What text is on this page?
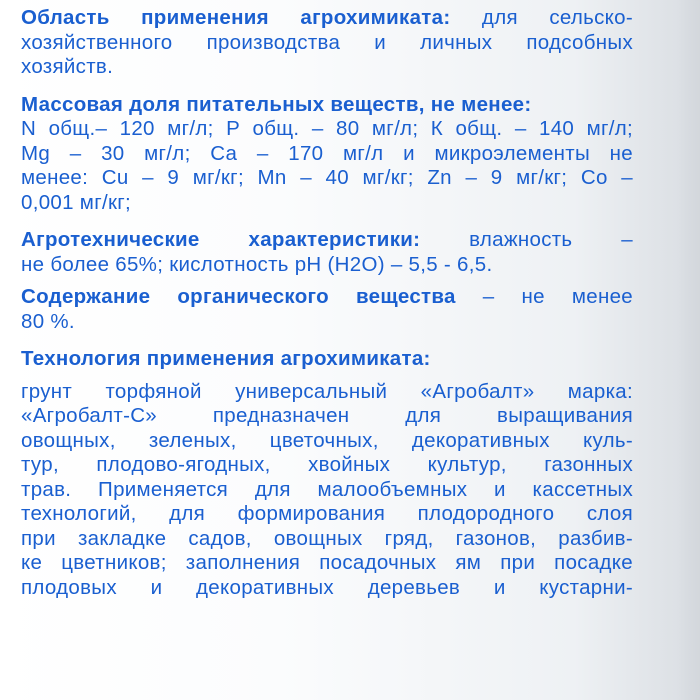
Область применения агрохимиката: для сельско-
хозяйственного производства и личных подсобных
хозяйств.
Массовая доля питательных веществ, не менее:
N общ.– 120 мг/л; Р общ. – 80 мг/л; К общ. – 140 мг/л;
Mg – 30 мг/л; Са – 170 мг/л и микроэлементы не
менее: Cu – 9 мг/кг; Mn – 40 мг/кг; Zn – 9 мг/кг; Со –
0,001 мг/кг;
Агротехнические характеристики: влажность –
не более 65%; кислотность рН (Н2О) – 5,5 - 6,5.
Содержание органического вещества – не менее
80 %.
Технология применения агрохимиката:
грунт торфяной универсальный «Агробалт» марка:
«Агробалт-С» предназначен для выращивания
овощных, зеленых, цветочных, декоративных куль-
тур, плодово-ягодных, хвойных культур, газонных
трав. Применяется для малообъемных и кассетных
технологий, для формирования плодородного слоя
при закладке садов, овощных гряд, газонов, разбив-
ке цветников; заполнения посадочных ям при посадке
плодовых и декоративных деревьев и кустарни-
